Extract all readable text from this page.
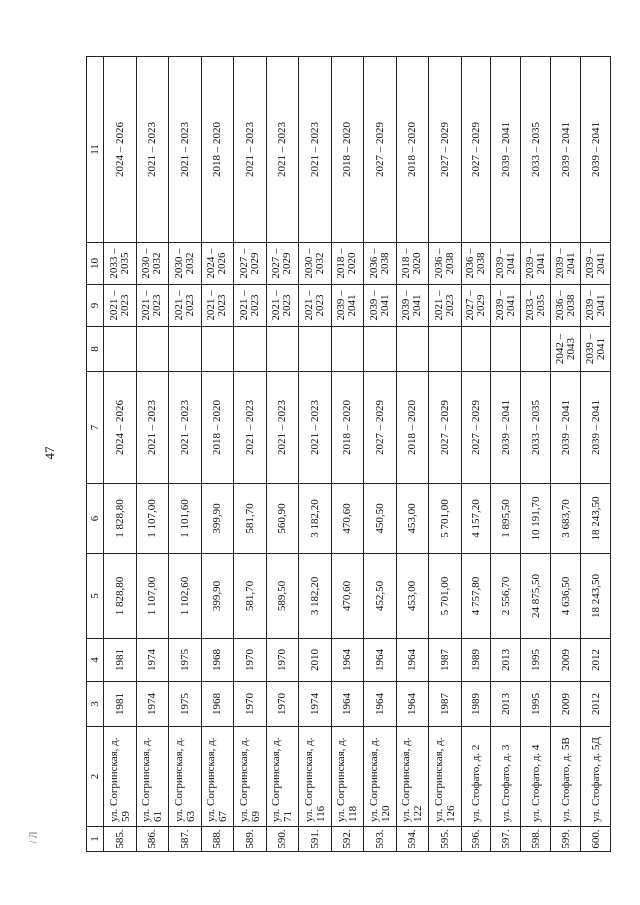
47
/ Л	1	2	3	4	5	6	7	8	9	10	11
585.	ул. Согринская, д. 59	1981	1981	1 828,80	1 828,80	2024 – 2026		2021 – 2023	2033 – 2035	2024 – 2026
586.	ул. Согринская, д. 61	1974	1974	1 107,00	1 107,00	2021 – 2023		2021 – 2023	2030 – 2032	2021 – 2023
587.	ул. Согринская, д. 63	1975	1975	1 102,60	1 101,60	2021 – 2023		2021 – 2023	2030 – 2032	2021 – 2023
588.	ул. Согринская, д. 67	1968	1968	399,90	399,90	2018 – 2020		2021 – 2023	2024 – 2026	2018 – 2020
589.	ул. Согринская, д. 69	1970	1970	581,70	581,70	2021 – 2023		2021 – 2023	2027 – 2029	2021 – 2023
590.	ул. Согринская, д. 71	1970	1970	589,50	560,90	2021 – 2023		2021 – 2023	2027 – 2029	2021 – 2023
591.	ул. Согринская, д. 116	1974	2010	3 182,20	3 182,20	2021 – 2023		2021 – 2023	2030 – 2032	2021 – 2023
592.	ул. Согринская, д. 118	1964	1964	470,60	470,60	2018 – 2020		2039 – 2041	2018 – 2020	2018 – 2020
593.	ул. Согринская, д. 120	1964	1964	452,50	450,50	2027 – 2029		2039 – 2041	2036 – 2038	2027 – 2029
594.	ул. Согринская, д. 122	1964	1964	453,00	453,00	2018 – 2020		2039 – 2041	2018 – 2020	2018 – 2020
595.	ул. Согринская, д. 126	1987	1987	5 701,00	5 701,00	2027 – 2029		2021 – 2023	2036 – 2038	2027 – 2029
596.	ул. Стофато, д. 2	1989	1989	4 757,80	4 157,20	2027 – 2029		2027 – 2029	2036 – 2038	2027 – 2029
597.	ул. Стофато, д. 3	2013	2013	2 556,70	1 895,50	2039 – 2041		2039 – 2041	2039 – 2041	2039 – 2041
598.	ул. Стофато, д. 4	1995	1995	24 875,50	10 191,70	2033 – 2035		2033 – 2035	2039 – 2041	2033 – 2035
599.	ул. Стофато, д. 5В	2009	2009	4 636,50	3 683,70	2039 – 2041	2042 – 2043	2036 – 2038	2039 – 2041	2039 – 2041
600.	ул. Стофато, д. 5Д	2012	2012	18 243,50	18 243,50	2039 – 2041	2039 – 2041	2039 – 2041	2039 – 2041	2039 – 2041
